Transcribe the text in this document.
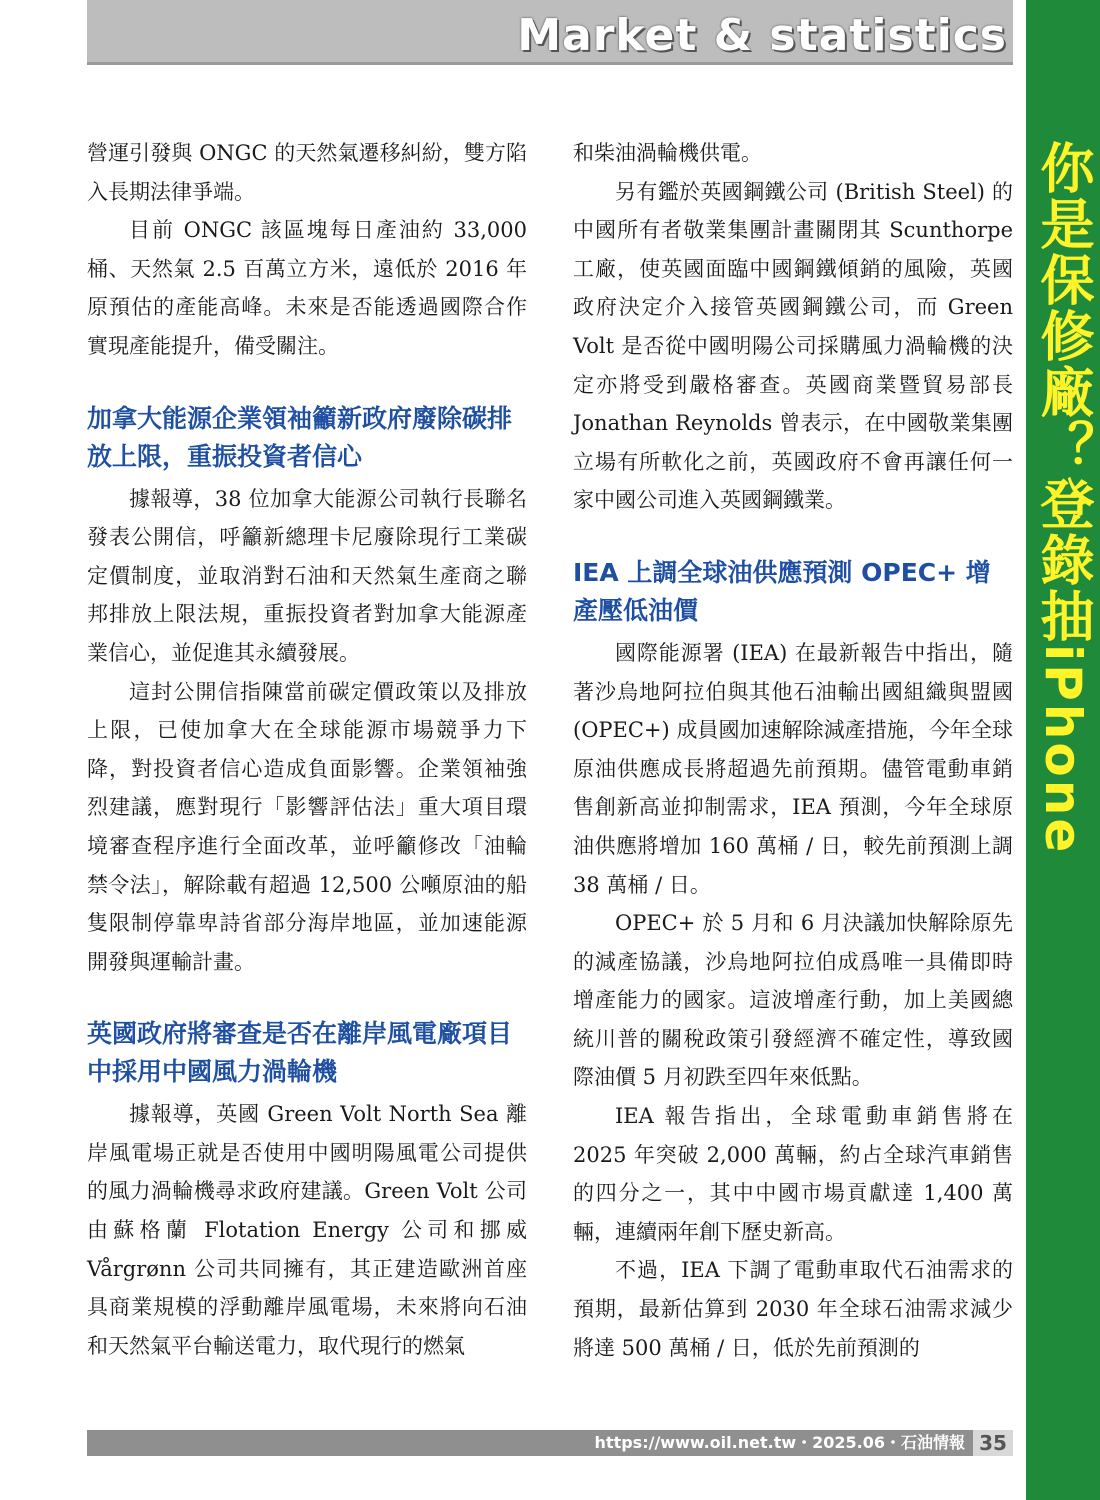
Market & statistics

營運引發與 ONGC 的天然氣遷移糾紛，雙方陷入長期法律爭端。

目前 ONGC 該區塊每日產油約 33,000 桶、天然氣 2.5 百萬立方米，遠低於 2016 年原預估的產能高峰。未來是否能透過國際合作實現產能提升，備受關注。

加拿大能源企業領袖籲新政府廢除碳排放上限，重振投資者信心

據報導，38 位加拿大能源公司執行長聯名發表公開信，呼籲新總理卡尼廢除現行工業碳定價制度，並取消對石油和天然氣生產商之聯邦排放上限法規，重振投資者對加拿大能源產業信心，並促進其永續發展。

這封公開信指陳當前碳定價政策以及排放上限，已使加拿大在全球能源市場競爭力下降，對投資者信心造成負面影響。企業領袖強烈建議，應對現行「影響評估法」重大項目環境審查程序進行全面改革，並呼籲修改「油輪禁令法」，解除載有超過 12,500 公噸原油的船隻限制停靠卑詩省部分海岸地區，並加速能源開發與運輸計畫。

英國政府將審查是否在離岸風電廠項目中採用中國風力渦輪機

據報導，英國 Green Volt North Sea 離岸風電場正就是否使用中國明陽風電公司提供的風力渦輪機尋求政府建議。Green Volt 公司由蘇格蘭 Flotation Energy 公司和挪威 Vårgrønn 公司共同擁有，其正建造歐洲首座具商業規模的浮動離岸風電場，未來將向石油和天然氣平台輸送電力，取代現行的燃氣

和柴油渦輪機供電。

另有鑑於英國鋼鐵公司 (British Steel) 的中國所有者敬業集團計畫關閉其 Scunthorpe 工廠，使英國面臨中國鋼鐵傾銷的風險，英國政府決定介入接管英國鋼鐵公司，而 Green Volt 是否從中國明陽公司採購風力渦輪機的決定亦將受到嚴格審查。英國商業暨貿易部長 Jonathan Reynolds 曾表示，在中國敬業集團立場有所軟化之前，英國政府不會再讓任何一家中國公司進入英國鋼鐵業。

IEA 上調全球油供應預測 OPEC+ 增產壓低油價

國際能源署 (IEA) 在最新報告中指出，隨著沙烏地阿拉伯與其他石油輸出國組織與盟國 (OPEC+) 成員國加速解除減產措施，今年全球原油供應成長將超過先前預期。儘管電動車銷售創新高並抑制需求，IEA 預測，今年全球原油供應將增加 160 萬桶 / 日，較先前預測上調 38 萬桶 / 日。

OPEC+ 於 5 月和 6 月決議加快解除原先的減產協議，沙烏地阿拉伯成爲唯一具備即時增產能力的國家。這波增產行動，加上美國總統川普的關稅政策引發經濟不確定性，導致國際油價 5 月初跌至四年來低點。

IEA 報告指出，全球電動車銷售將在 2025 年突破 2,000 萬輛，約占全球汽車銷售的四分之一，其中中國市場貢獻達 1,400 萬輛，連續兩年創下歷史新高。

不過，IEA 下調了電動車取代石油需求的預期，最新估算到 2030 年全球石油需求減少將達 500 萬桶 / 日，低於先前預測的

你是保修廠？登錄抽
iPhone
https://www.oil.net.tw・2025.06・石油情報 35
